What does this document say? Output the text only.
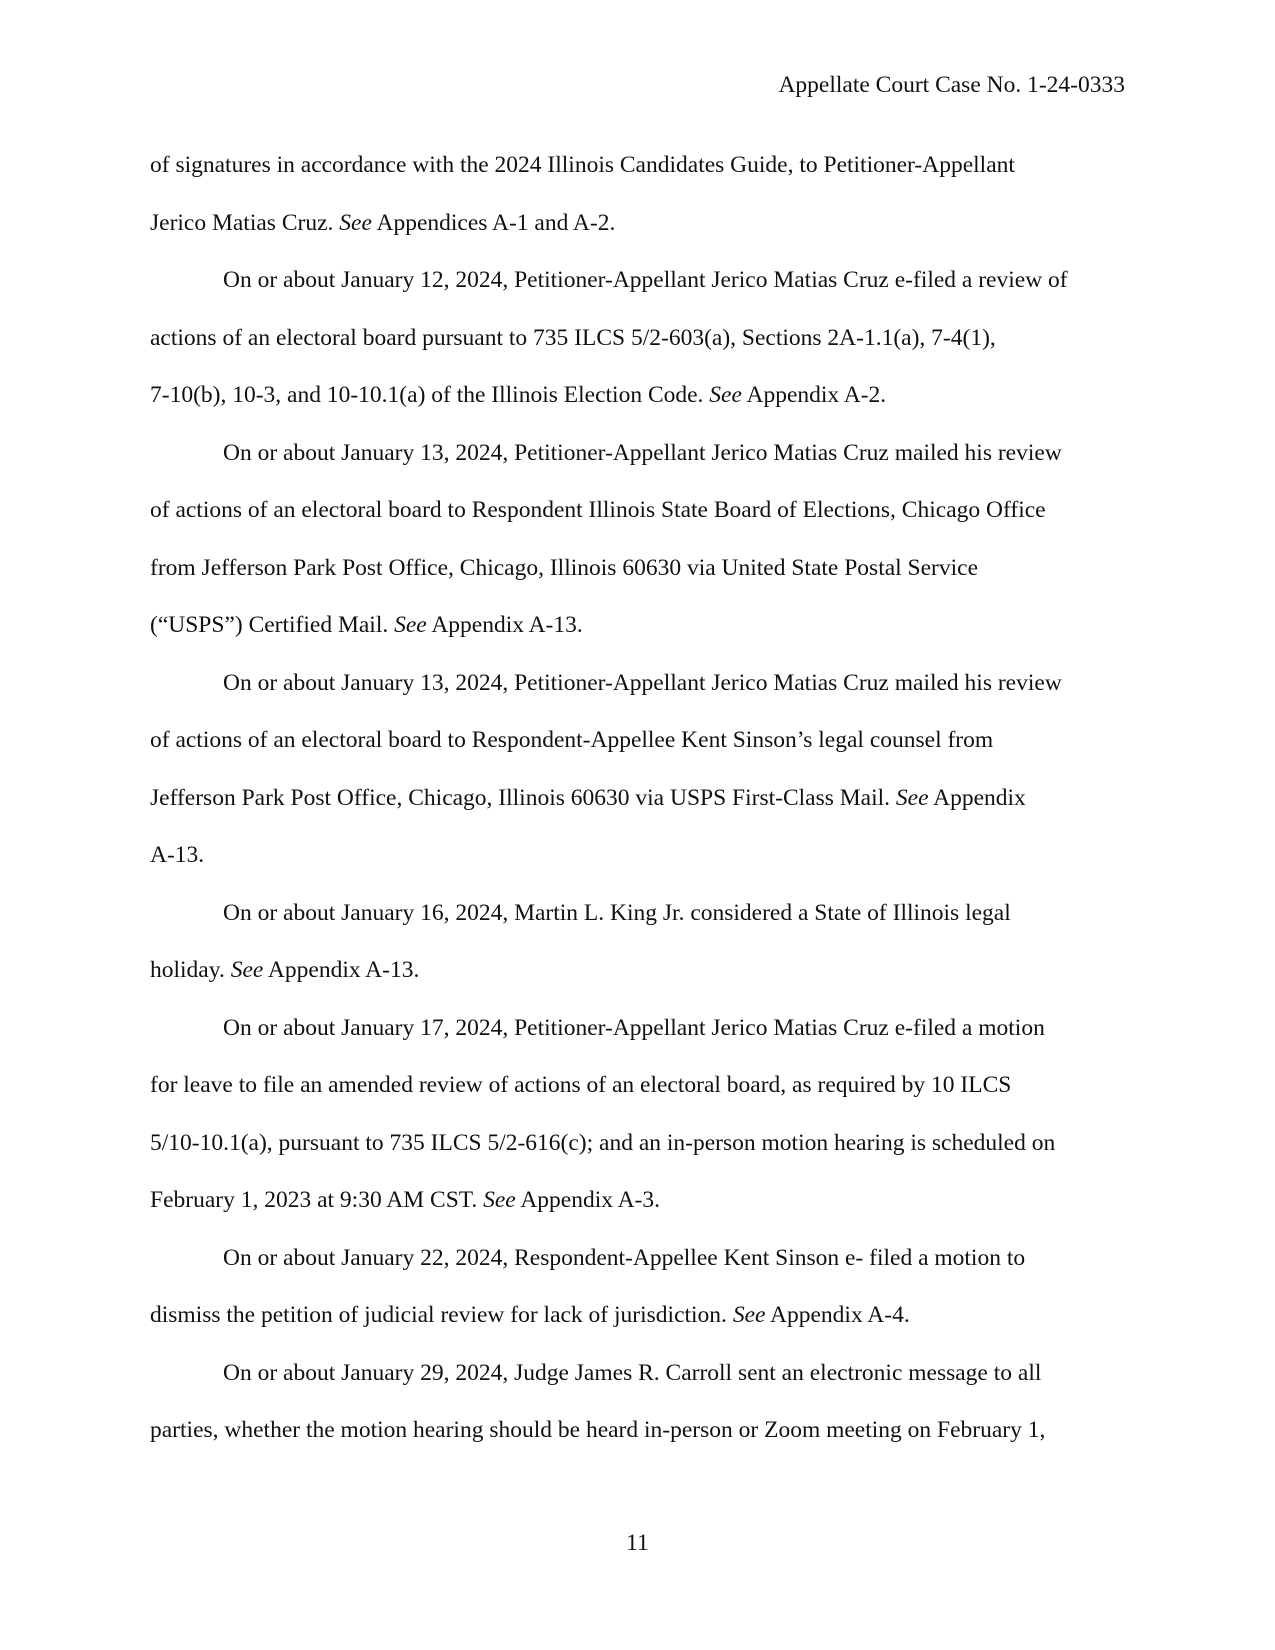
Appellate Court Case No. 1-24-0333

of signatures in accordance with the 2024 Illinois Candidates Guide, to Petitioner-Appellant
Jerico Matias Cruz. See Appendices A-1 and A-2.

On or about January 12, 2024, Petitioner-Appellant Jerico Matias Cruz e-filed a review of
actions of an electoral board pursuant to 735 ILCS 5/2-603(a), Sections 2A-1.1(a), 7-4(1),
7-10(b), 10-3, and 10-10.1(a) of the Illinois Election Code. See Appendix A-2.

On or about January 13, 2024, Petitioner-Appellant Jerico Matias Cruz mailed his review
of actions of an electoral board to Respondent Illinois State Board of Elections, Chicago Office
from Jefferson Park Post Office, Chicago, Illinois 60630 via United State Postal Service
(“USPS”) Certified Mail. See Appendix A-13.

On or about January 13, 2024, Petitioner-Appellant Jerico Matias Cruz mailed his review
of actions of an electoral board to Respondent-Appellee Kent Sinson’s legal counsel from
Jefferson Park Post Office, Chicago, Illinois 60630 via USPS First-Class Mail. See Appendix
A-13.

On or about January 16, 2024, Martin L. King Jr. considered a State of Illinois legal
holiday. See Appendix A-13.

On or about January 17, 2024, Petitioner-Appellant Jerico Matias Cruz e-filed a motion
for leave to file an amended review of actions of an electoral board, as required by 10 ILCS
5/10-10.1(a), pursuant to 735 ILCS 5/2-616(c); and an in-person motion hearing is scheduled on
February 1, 2023 at 9:30 AM CST. See Appendix A-3.

On or about January 22, 2024, Respondent-Appellee Kent Sinson e- filed a motion to
dismiss the petition of judicial review for lack of jurisdiction. See Appendix A-4.

On or about January 29, 2024, Judge James R. Carroll sent an electronic message to all
parties, whether the motion hearing should be heard in-person or Zoom meeting on February 1,

11
